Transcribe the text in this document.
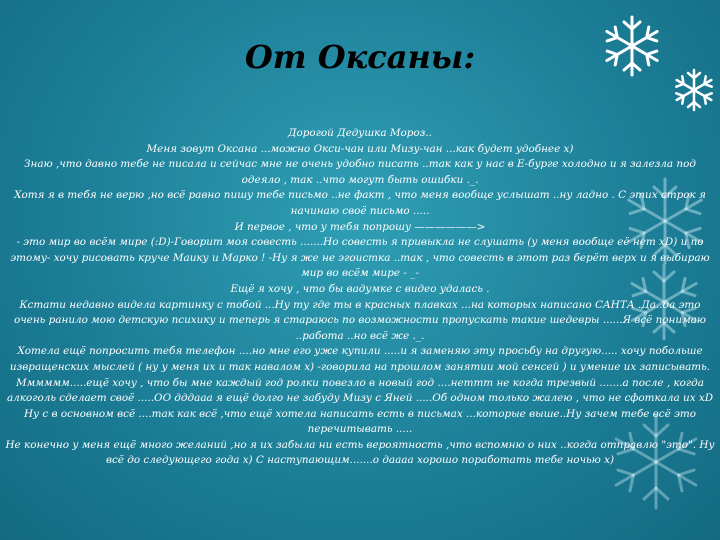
От Оксаны:

Дорогой Дедушка Мороз..

Меня зовут Оксана ...можно Окси-чан или Мизу-чан ...как будет удобнее х)

Знаю ,что давно тебе не писала и сейчас мне не очень удобно писать ..так как у нас в Е-бурге холодно и я залезла под одеяло , так ..что могут быть ошибки ._.

Хотя я в тебя не верю ,но всё равно пишу тебе письмо ..не факт , что меня вообще услышат ..ну ладно . С этих строк я начинаю своё письмо .....

И первое , что у тебя попрошу ——————>

- это мир во всём мире (:D)-Говорит моя совесть .......Но совесть я привыкла не слушать (у меня вообще её нет xD) и по этому- хочу рисовать круче Маику и Марко ! -Ну я же не эгоистка ..так , что совесть в этот раз берёт верх и я выбираю мир во всём мире - _-

Ещё я хочу , что бы вадумке с видео удалась .

Кстати недавно видела картинку с тобой ...Ну ту где ты в красных плавках ...на которых написано САНТА .Да..да это очень ранило мою детскую психику и теперь я стараюсь по возможности пропускать такие шедевры ......Я всё понимаю ..работа ..но всё же ._.

Хотела ещё попросить тебя телефон ....но мне его уже купили .....и я заменяю эту просьбу на другую..... хочу побольше извращенских мыслей ( ну у меня их и так навалом х) -говорила на прошлом занятии мой сенсей ) и умение их записывать. Мммммм.....ещё хочу , что бы мне каждый год ролки повезло в новый год ....неттт не когда трезвый .......а после , когда алкоголь сделает своё .....ОО дддааа я ещё долго не забуду Мизу с Яней .....Об одном только жалею , что не сфоткала их xD

Ну с в основном всё ....так как всё ,что ещё хотела написать есть в письмах ...которые выше..Ну зачем тебе всё это перечитывать .....

Не конечно у меня ещё много желаний ,но я их забыла ни есть вероятность ,что вспомню о них ..когда отправлю "это". Ну всё до следующего года х) С наступающим.......о даааа хорошо поработать тебе ночью х)
